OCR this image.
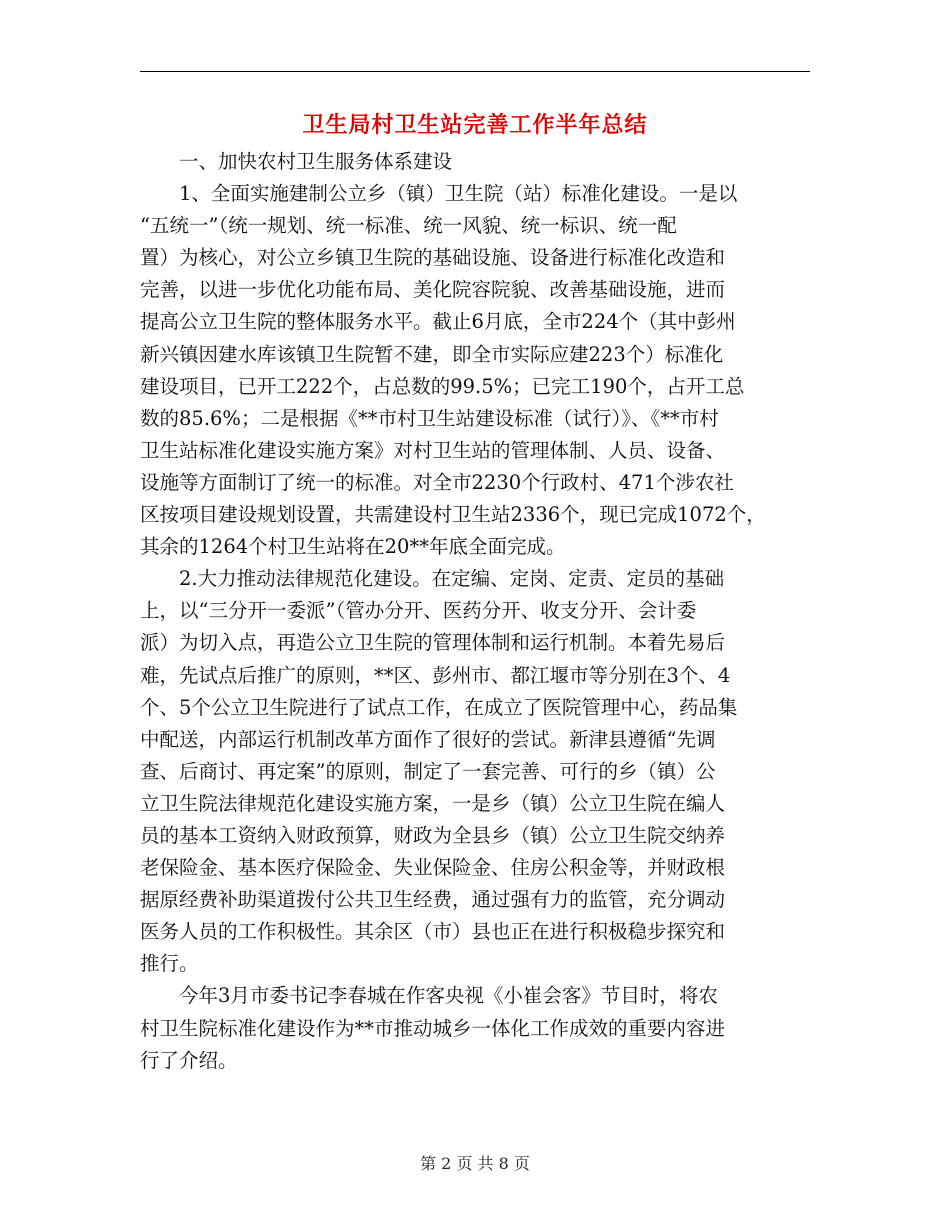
卫生局村卫生站完善工作半年总结
　　一、加快农村卫生服务体系建设
　　1、全面实施建制公立乡（镇）卫生院（站）标准化建设。一是以
“五统一”（统一规划、统一标准、统一风貌、统一标识、统一配
置）为核心，对公立乡镇卫生院的基础设施、设备进行标准化改造和
完善，以进一步优化功能布局、美化院容院貌、改善基础设施，进而
提高公立卫生院的整体服务水平。截止6月底，全市224个（其中彭州
新兴镇因建水库该镇卫生院暂不建，即全市实际应建223个）标准化
建设项目，已开工222个，占总数的99.5%；已完工190个，占开工总
数的85.6%；二是根据《**市村卫生站建设标准（试行）》、《**市村
卫生站标准化建设实施方案》对村卫生站的管理体制、人员、设备、
设施等方面制订了统一的标准。对全市2230个行政村、471个涉农社
区按项目建设规划设置，共需建设村卫生站2336个，现已完成1072个，
其余的1264个村卫生站将在20**年底全面完成。
　　2.大力推动法律规范化建设。在定编、定岗、定责、定员的基础
上，以“三分开一委派”（管办分开、医药分开、收支分开、会计委
派）为切入点，再造公立卫生院的管理体制和运行机制。本着先易后
难，先试点后推广的原则，**区、彭州市、都江堰市等分别在3个、4
个、5个公立卫生院进行了试点工作，在成立了医院管理中心，药品集
中配送，内部运行机制改革方面作了很好的尝试。新津县遵循“先调
查、后商讨、再定案”的原则，制定了一套完善、可行的乡（镇）公
立卫生院法律规范化建设实施方案，一是乡（镇）公立卫生院在编人
员的基本工资纳入财政预算，财政为全县乡（镇）公立卫生院交纳养
老保险金、基本医疗保险金、失业保险金、住房公积金等，并财政根
据原经费补助渠道拨付公共卫生经费，通过强有力的监管，充分调动
医务人员的工作积极性。其余区（市）县也正在进行积极稳步探究和
推行。
　　今年3月市委书记李春城在作客央视《小崔会客》节目时，将农
村卫生院标准化建设作为**市推动城乡一体化工作成效的重要内容进
行了介绍。
第 2 页 共 8 页
